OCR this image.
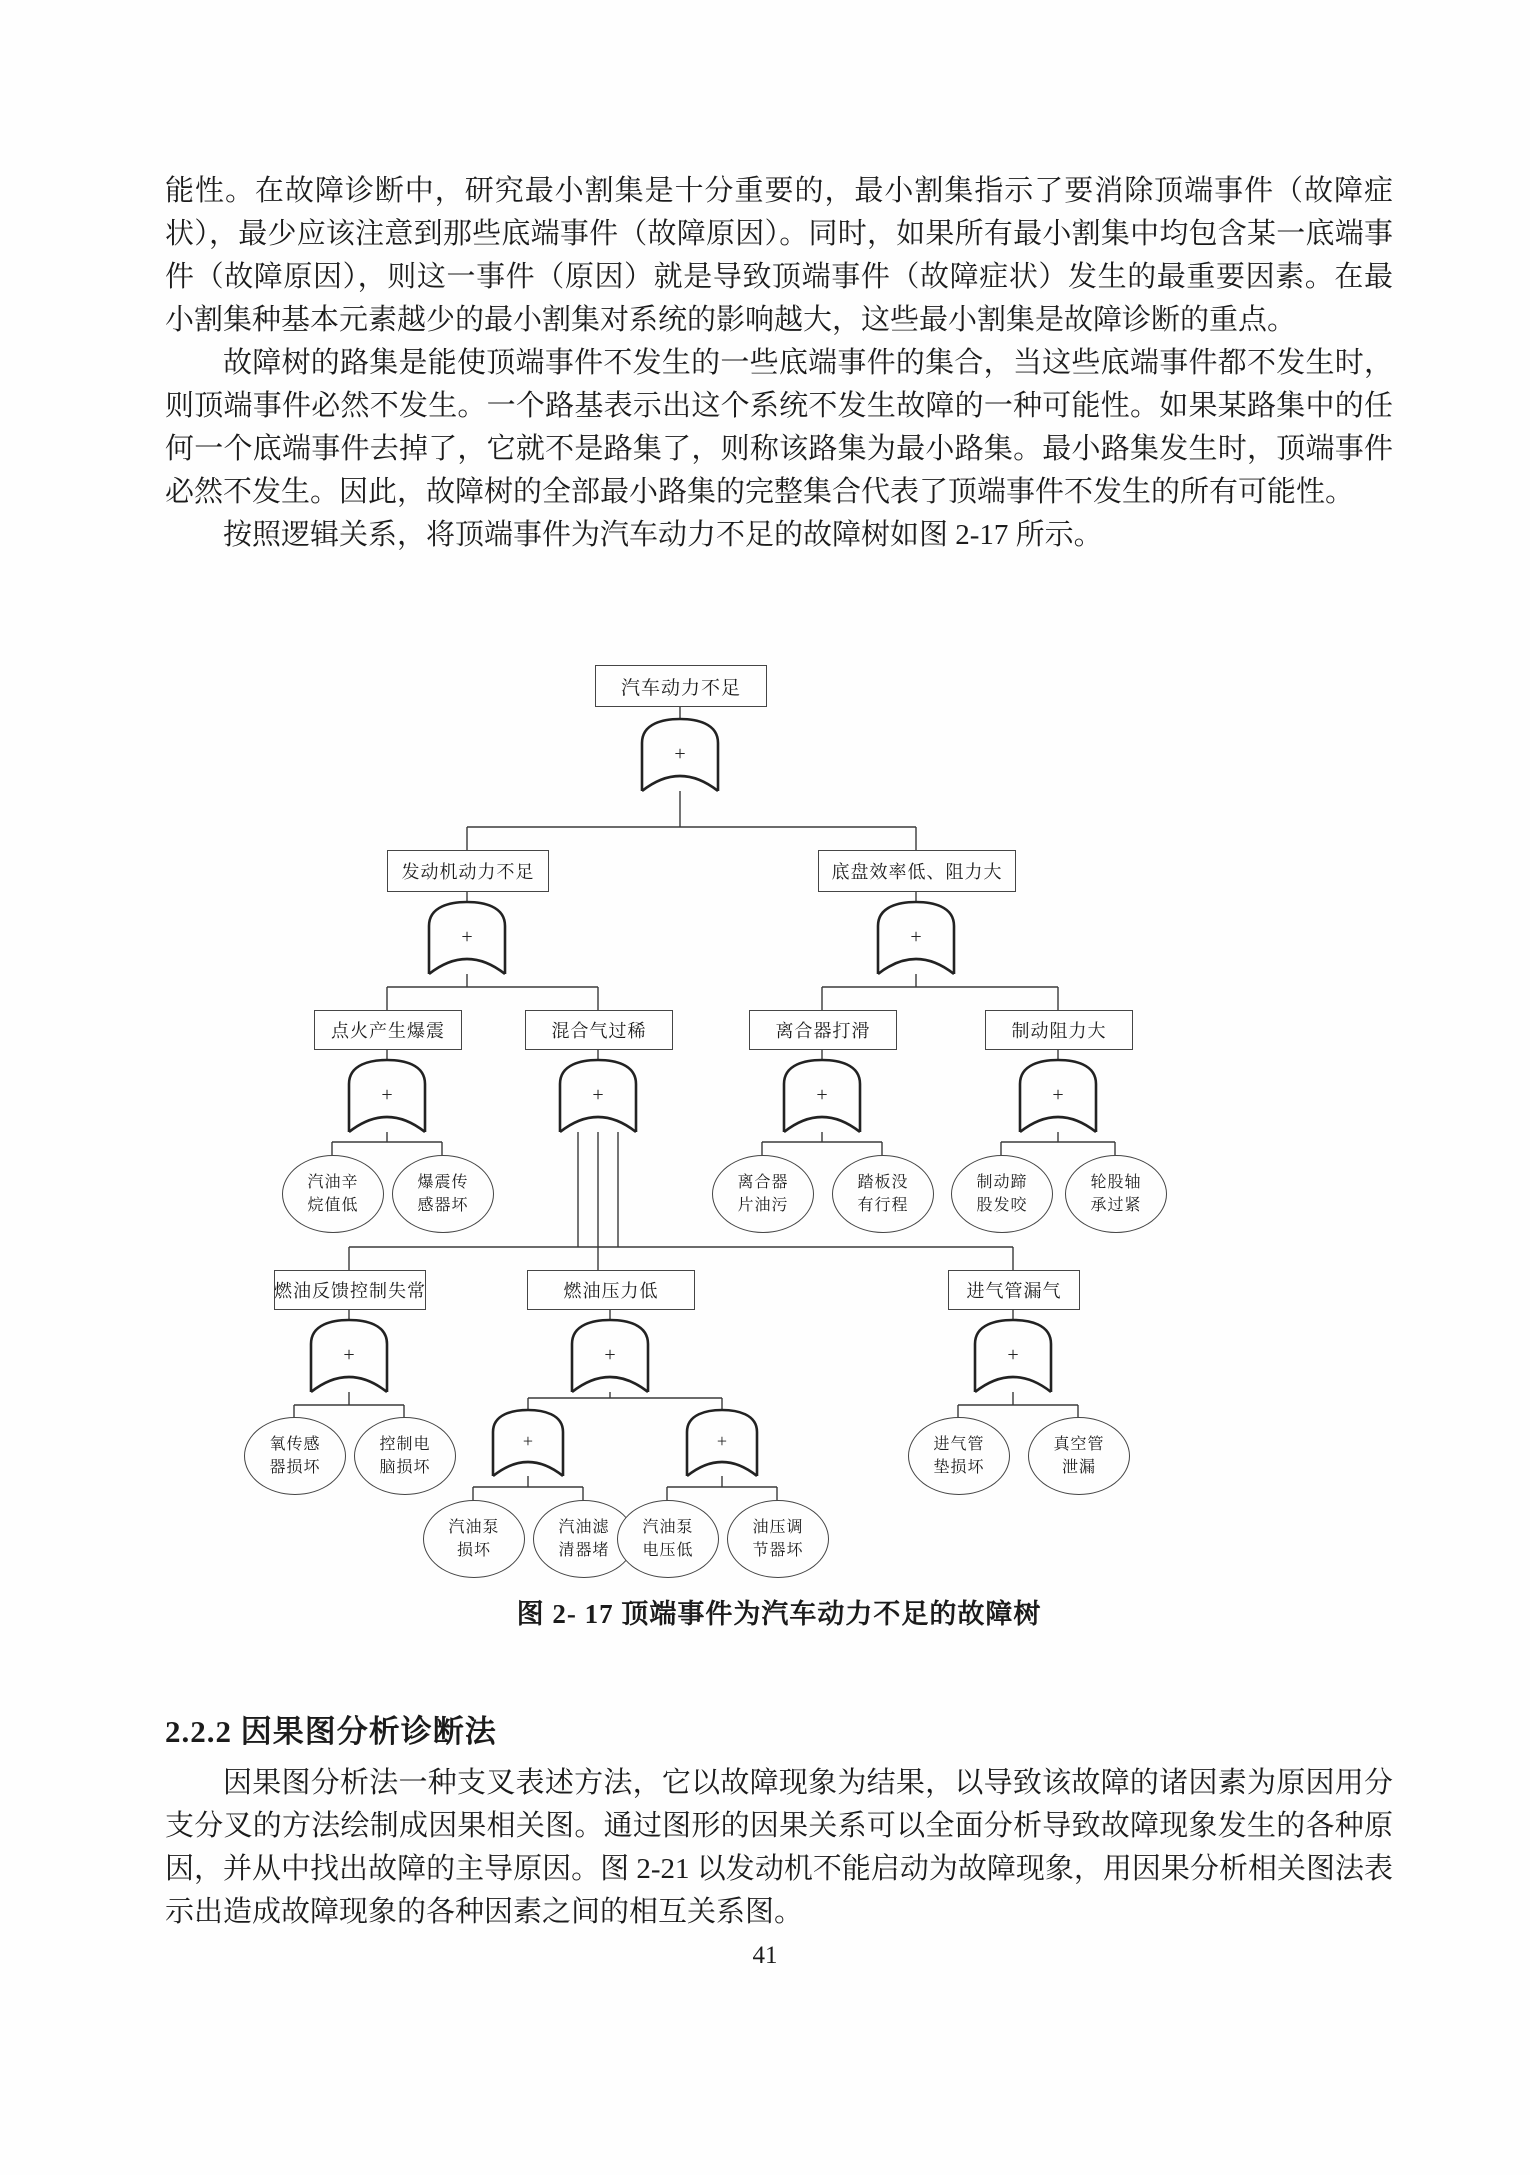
能性。在故障诊断中，研究最小割集是十分重要的，最小割集指示了要消除顶端事件（故障症状），最少应该注意到那些底端事件（故障原因）。同时，如果所有最小割集中均包含某一底端事件（故障原因），则这一事件（原因）就是导致顶端事件（故障症状）发生的最重要因素。在最小割集种基本元素越少的最小割集对系统的影响越大，这些最小割集是故障诊断的重点。

故障树的路集是能使顶端事件不发生的一些底端事件的集合，当这些底端事件都不发生时，则顶端事件必然不发生。一个路基表示出这个系统不发生故障的一种可能性。如果某路集中的任何一个底端事件去掉了，它就不是路集了，则称该路集为最小路集。最小路集发生时，顶端事件必然不发生。因此，故障树的全部最小路集的完整集合代表了顶端事件不发生的所有可能性。

按照逻辑关系，将顶端事件为汽车动力不足的故障树如图 2-17 所示。

汽车动力不足
发动机动力不足	底盘效率低、阻力大
点火产生爆震	混合气过稀	离合器打滑	制动阻力大
燃油反馈控制失常	燃油压力低	进气管漏气
+
+	+
+	+	+	+
+	+	+
+	+
汽油辛
烷值低
爆震传
感器坏
离合器
片油污
踏板没
有行程
制动蹄
股发咬
轮股轴
承过紧
氧传感
器损坏
控制电
脑损坏
进气管
垫损坏
真空管
泄漏
汽油泵
损坏
汽油滤
清器堵
汽油泵
电压低
油压调
节器坏
图 2- 17 顶端事件为汽车动力不足的故障树
2.2.2 因果图分析诊断法

因果图分析法一种支叉表述方法，它以故障现象为结果，以导致该故障的诸因素为原因用分支分叉的方法绘制成因果相关图。通过图形的因果关系可以全面分析导致故障现象发生的各种原因，并从中找出故障的主导原因。图 2-21 以发动机不能启动为故障现象，用因果分析相关图法表示出造成故障现象的各种因素之间的相互关系图。

41
